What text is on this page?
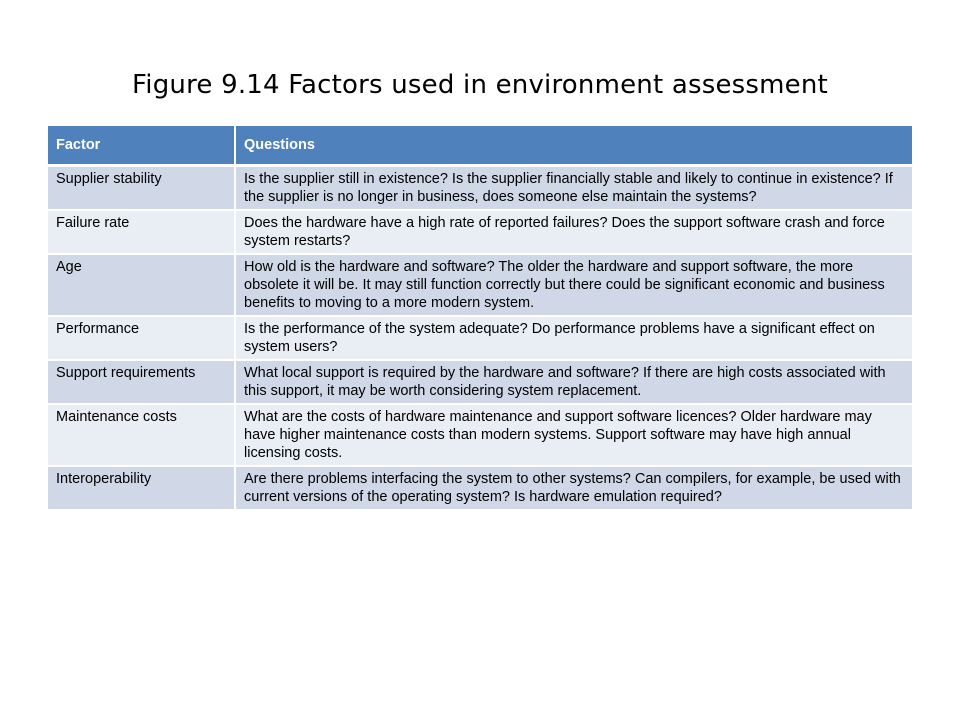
Figure 9.14 Factors used in environment assessment
Factor	Questions
Supplier stability	Is the supplier still in existence? Is the supplier financially stable and likely to continue in existence? If the supplier is no longer in business, does someone else maintain the systems?
Failure rate	Does the hardware have a high rate of reported failures? Does the support software crash and force system restarts?
Age	How old is the hardware and software? The older the hardware and support software, the more obsolete it will be. It may still function correctly but there could be significant economic and business benefits to moving to a more modern system.
Performance	Is the performance of the system adequate? Do performance problems have a significant effect on system users?
Support requirements	What local support is required by the hardware and software? If there are high costs associated with this support, it may be worth considering system replacement.
Maintenance costs	What are the costs of hardware maintenance and support software licences? Older hardware may have higher maintenance costs than modern systems. Support software may have high annual licensing costs.
Interoperability	Are there problems interfacing the system to other systems? Can compilers, for example, be used with current versions of the operating system? Is hardware emulation required?
